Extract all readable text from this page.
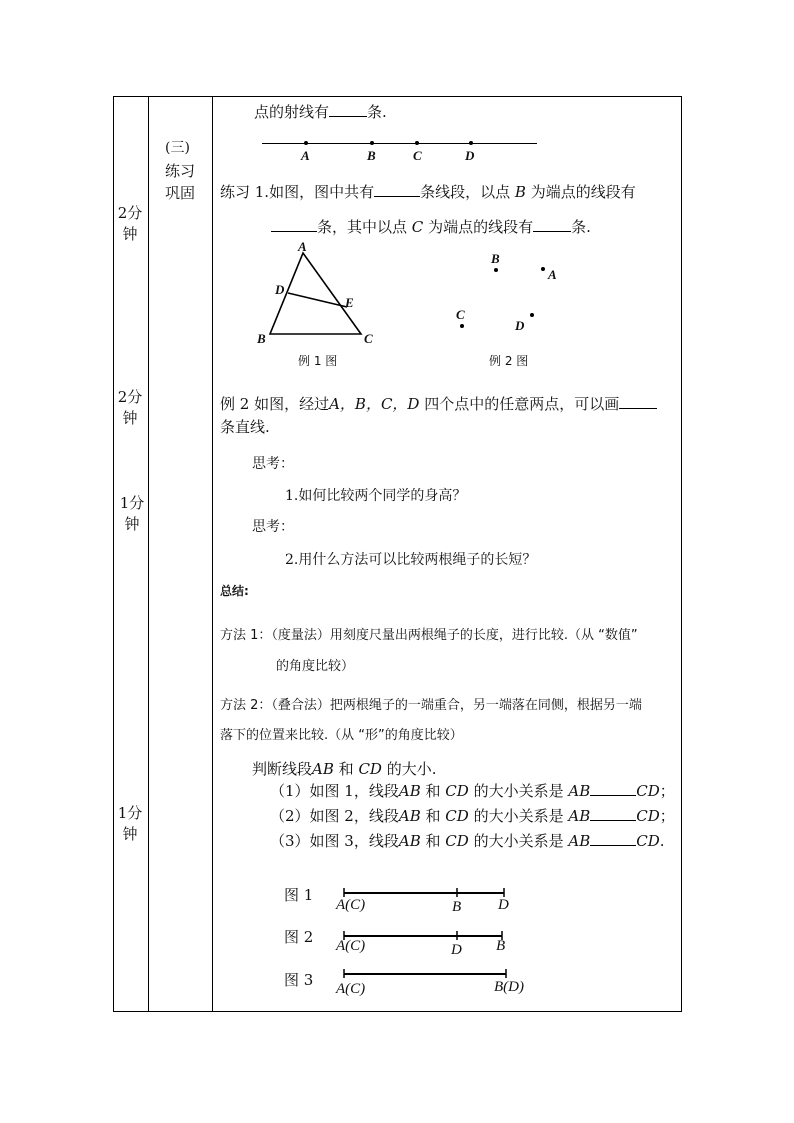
2分钟
2分钟
1分钟
1分钟
(三)
练习
巩固
点的射线有	条.
A	B	C	D
练习 1.如图，图中共有	条线段，以点 B 为端点的线段有
条，其中以点 C 为端点的线段有	条.
A
D
E
B	C
例 1 图
B
A
C
D
例 2 图
例 2 如图，经过A，B，C，D 四个点中的任意两点，可以画
条直线.
思考：
1.如何比较两个同学的身高？
思考：
2.用什么方法可以比较两根绳子的长短？
总结:
方法 1：（度量法）用刻度尺量出两根绳子的长度，进行比较.（从 “数值”
的角度比较）
方法 2：（叠合法）把两根绳子的一端重合，另一端落在同侧，根据另一端
落下的位置来比较.（从 “形”的角度比较）
判断线段AB 和 CD 的大小.
（1）如图 1，线段AB 和 CD 的大小关系是 AB	CD；
（2）如图 2，线段AB 和 CD 的大小关系是 AB	CD；
（3）如图 3，线段AB 和 CD 的大小关系是 AB	CD.
图 1
A(C)	B D
图 2 A(C)	D B
图 3 A(C)	B(D)
